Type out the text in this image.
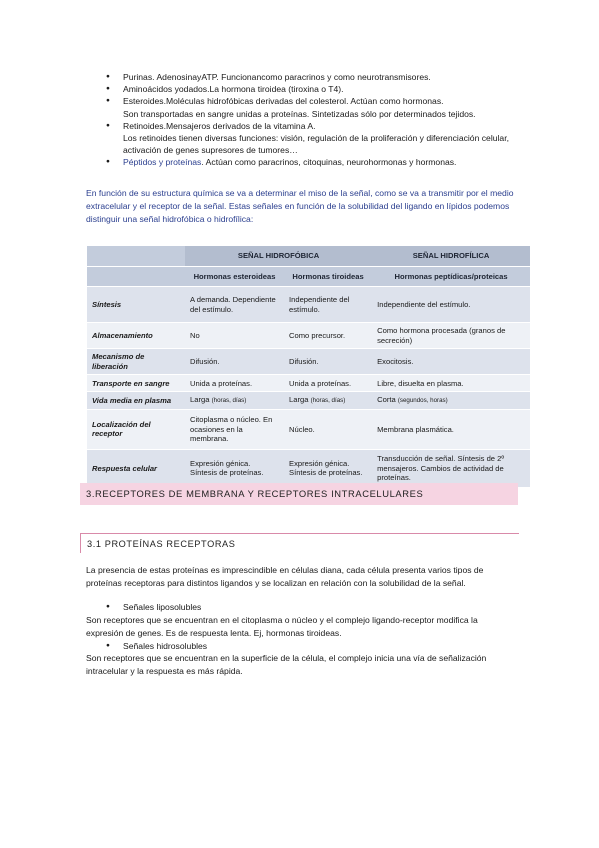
● Purinas. AdenosinayATP. Funcionancomo paracrinos y como neurotransmisores.
● Aminoácidos yodados.La hormona tiroidea (tiroxina o T4).
● Esteroides.Moléculas hidrofóbicas derivadas del colesterol. Actúan como hormonas.
Son transportadas en sangre unidas a proteínas. Sintetizadas sólo por determinados tejidos.
● Retinoides.Mensajeros derivados de la vitamina A.
Los retinoides tienen diversas funciones: visión, regulación de la proliferación y diferenciación celular, activación de genes supresores de tumores…
● Péptidos y proteínas. Actúan como paracrinos, citoquinas, neurohormonas y hormonas.
En función de su estructura química se va a determinar el miso de la señal, como se va a transmitir por el medio extracelular y el receptor de la señal. Estas señales en función de la solubilidad del ligando en lípidos podemos distinguir una señal hidrofóbica o hidrofílica:
	SEÑAL HIDROFÓBICA		SEÑAL HIDROFÍLICA
	Hormonas esteroideas	Hormonas tiroideas	Hormonas peptídicas/proteicas
Síntesis	A demanda. Dependiente del estímulo.	Independiente del estímulo.	Independiente del estímulo.
Almacenamiento	No	Como precursor.	Como hormona procesada (granos de secreción)
Mecanismo de liberación	Difusión.	Difusión.	Exocitosis.
Transporte en sangre	Unida a proteínas.	Unida a proteínas.	Libre, disuelta en plasma.
Vida media en plasma	Larga (horas, días)	Larga (horas, días)	Corta (segundos, horas)
Localización del receptor	Citoplasma o núcleo. En ocasiones en la membrana.	Núcleo.	Membrana plasmática.
Respuesta celular	Expresión génica. Síntesis de proteínas.	Expresión génica. Síntesis de proteínas.	Transducción de señal. Síntesis de 2º mensajeros. Cambios de actividad de proteínas.
3.RECEPTORES DE MEMBRANA Y RECEPTORES INTRACELULARES
3.1 PROTEÍNAS RECEPTORAS
La presencia de estas proteínas es imprescindible en células diana, cada célula presenta varios tipos de proteínas receptoras para distintos ligandos y se localizan en relación con la solubilidad de la señal.
● Señales liposolubles
Son receptores que se encuentran en el citoplasma o núcleo y el complejo ligando-receptor modifica la expresión de genes. Es de respuesta lenta. Ej, hormonas tiroideas.
● Señales hidrosolubles
Son receptores que se encuentran en la superficie de la célula, el complejo inicia una vía de señalización intracelular y la respuesta es más rápida.
